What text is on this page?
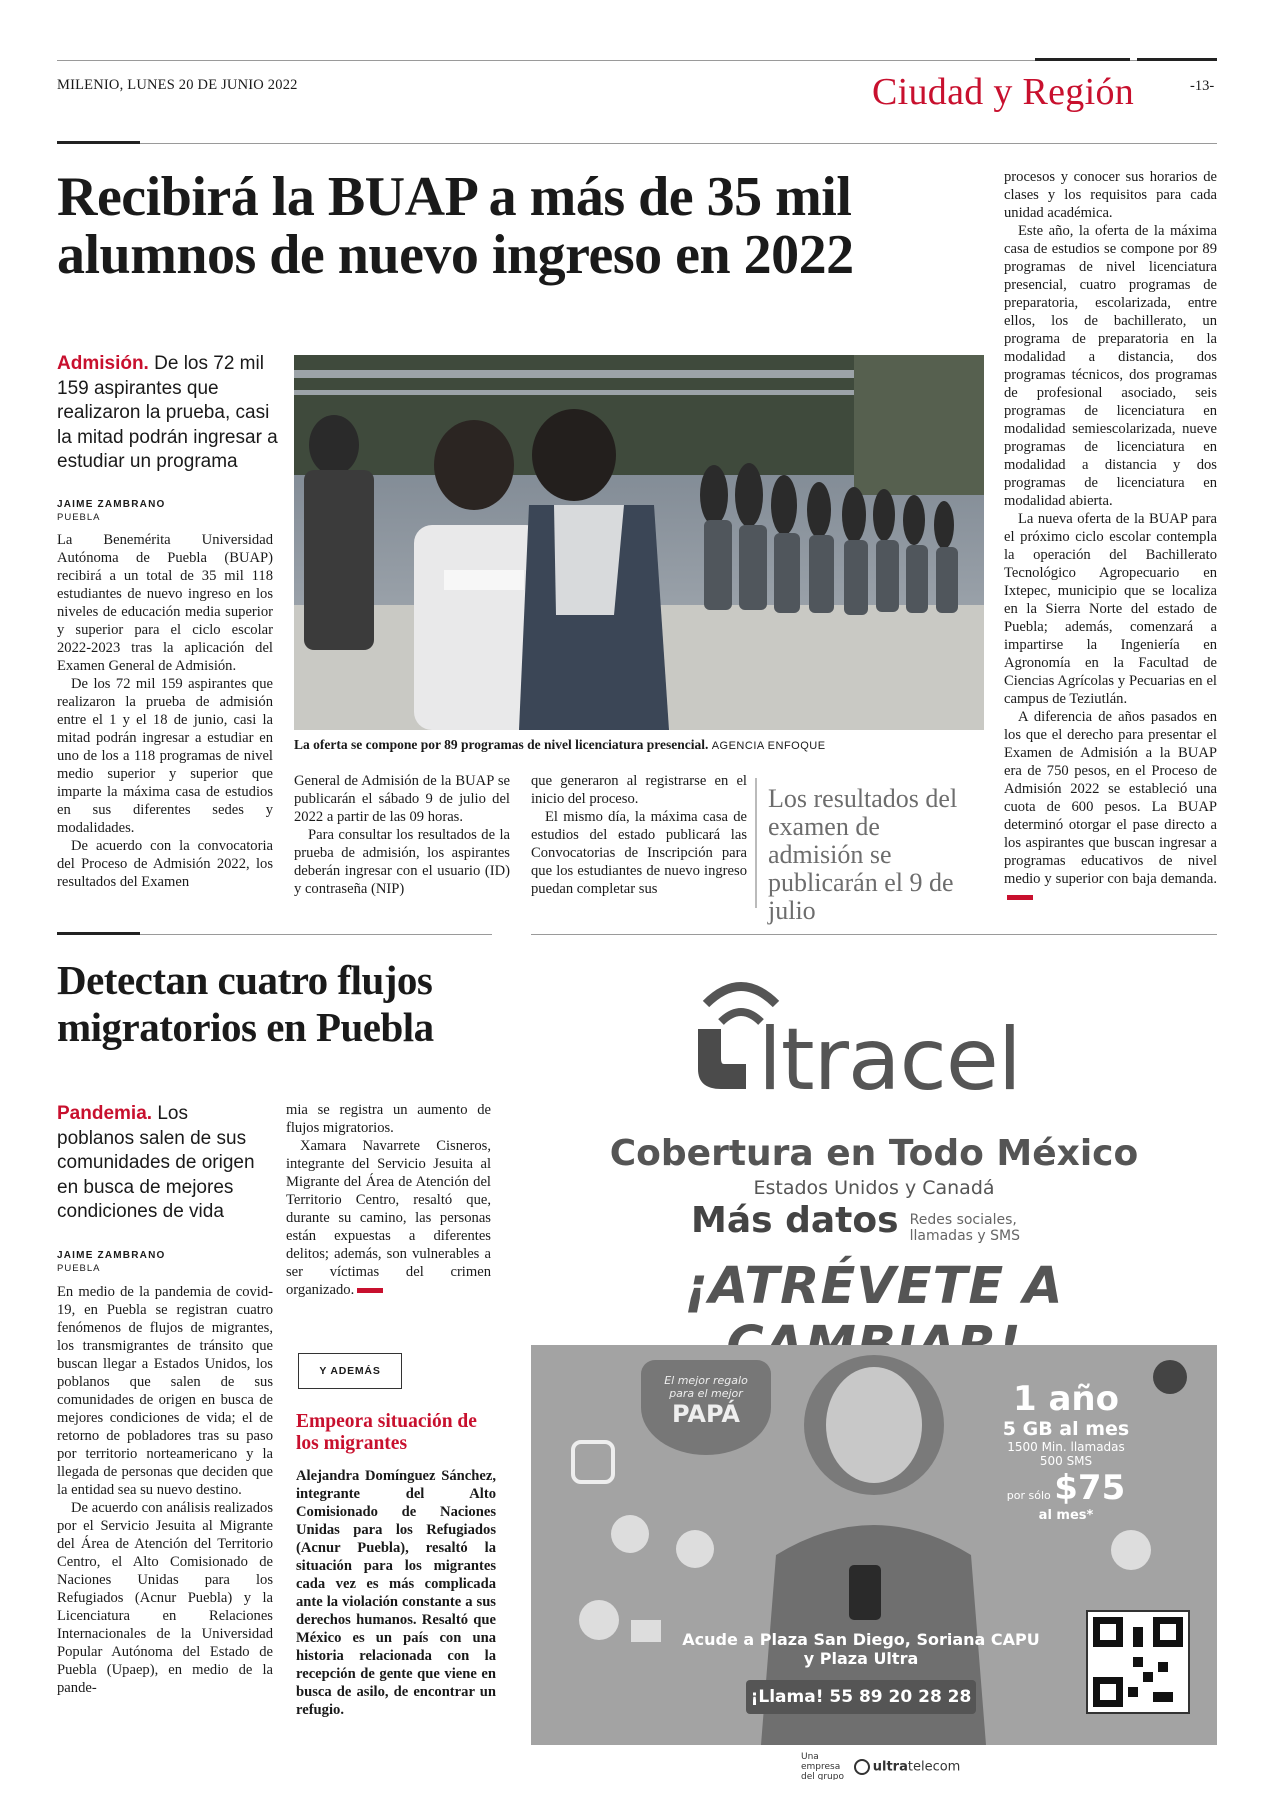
MILENIO, LUNES 20 DE JUNIO 2022	Ciudad y Región	-13-
Recibirá la BUAP a más de 35 mil
alumnos de nuevo ingreso en 2022
Admisión. De los 72 mil 159 aspirantes que realizaron la prueba, casi la mitad podrán ingresar a estudiar un programa
JAIME ZAMBRANO
PUEBLA

La Benemérita Universidad Autónoma de Puebla (BUAP) recibirá a un total de 35 mil 118 estudiantes de nuevo ingreso en los niveles de educación media superior y superior para el ciclo escolar 2022-2023 tras la aplicación del Examen General de Admisión.

De los 72 mil 159 aspirantes que realizaron la prueba de admisión entre el 1 y el 18 de junio, casi la mitad podrán ingresar a estudiar en uno de los a 118 programas de nivel medio superior y superior que imparte la máxima casa de estudios en sus diferentes sedes y modalidades.

De acuerdo con la convocatoria del Proceso de Admisión 2022, los resultados del Examen

La oferta se compone por 89 programas de nivel licenciatura presencial. AGENCIA ENFOQUE

General de Admisión de la BUAP se publicarán el sábado 9 de julio del 2022 a partir de las 09 horas.

Para consultar los resultados de la prueba de admisión, los aspirantes deberán ingresar con el usuario (ID) y contraseña (NIP)

que generaron al registrarse en el inicio del proceso.

El mismo día, la máxima casa de estudios del estado publicará las Convocatorias de Inscripción para que los estudiantes de nuevo ingreso puedan completar sus

Los resultados del examen de admisión se publicarán el 9 de julio

procesos y conocer sus horarios de clases y los requisitos para cada unidad académica.

Este año, la oferta de la máxima casa de estudios se compone por 89 programas de nivel licenciatura presencial, cuatro programas de preparatoria, escolarizada, entre ellos, los de bachillerato, un programa de preparatoria en la modalidad a distancia, dos programas técnicos, dos programas de profesional asociado, seis programas de licenciatura en modalidad semiescolarizada, nueve programas de licenciatura en modalidad a distancia y dos programas de licenciatura en modalidad abierta.

La nueva oferta de la BUAP para el próximo ciclo escolar contempla la operación del Bachillerato Tecnológico Agropecuario en Ixtepec, municipio que se localiza en la Sierra Norte del estado de Puebla; además, comenzará a impartirse la Ingeniería en Agronomía en la Facultad de Ciencias Agrícolas y Pecuarias en el campus de Teziutlán.

A diferencia de años pasados en los que el derecho para presentar el Examen de Admisión a la BUAP era de 750 pesos, en el Proceso de Admisión 2022 se estableció una cuota de 600 pesos. La BUAP determinó otorgar el pase directo a los aspirantes que buscan ingresar a programas educativos de nivel medio y superior con baja demanda.

Detectan cuatro flujos
migratorios en Puebla
Pandemia. Los poblanos salen de sus comunidades de origen en busca de mejores condiciones de vida
JAIME ZAMBRANO
PUEBLA

En medio de la pandemia de covid-19, en Puebla se registran cuatro fenómenos de flujos de migrantes, los transmigrantes de tránsito que buscan llegar a Estados Unidos, los poblanos que salen de sus comunidades de origen en busca de mejores condiciones de vida; el de retorno de pobladores tras su paso por territorio norteamericano y la llegada de personas que deciden que la entidad sea su nuevo destino.

De acuerdo con análisis realizados por el Servicio Jesuita al Migrante del Área de Atención del Territorio Centro, el Alto Comisionado de Naciones Unidas para los Refugiados (Acnur Puebla) y la Licenciatura en Relaciones Internacionales de la Universidad Popular Autónoma del Estado de Puebla (Upaep), en medio de la pande-

mia se registra un aumento de flujos migratorios.

Xamara Navarrete Cisneros, integrante del Servicio Jesuita al Migrante del Área de Atención del Territorio Centro, resaltó que, durante su camino, las personas están expuestas a diferentes delitos; además, son vulnerables a ser víctimas del crimen organizado.

Y ADEMÁS
Empeora situación de los migrantes
Alejandra Domínguez Sánchez, integrante del Alto Comisionado de Naciones Unidas para los Refugiados (Acnur Puebla), resaltó la situación para los migrantes cada vez es más complicada ante la violación constante a sus derechos humanos. Resaltó que México es un país con una historia relacionada con la recepción de gente que viene en busca de asilo, de encontrar un refugio.
ltracel
Cobertura en Todo México
Estados Unidos y Canadá
Más datos Redes sociales, llamadas y SMS
¡ATRÉVETE A
El mejor regalo para el mejor
PAPÁ	1 año
5 GB al mes
1500 Min. llamadas
500 SMS
por sólo $75
al mes*
Acude a Plaza San Diego, Soriana CAPU y Plaza Ultra
¡Llama! 55 89 20 28 28
Una empresa del grupo  ultratelecom
